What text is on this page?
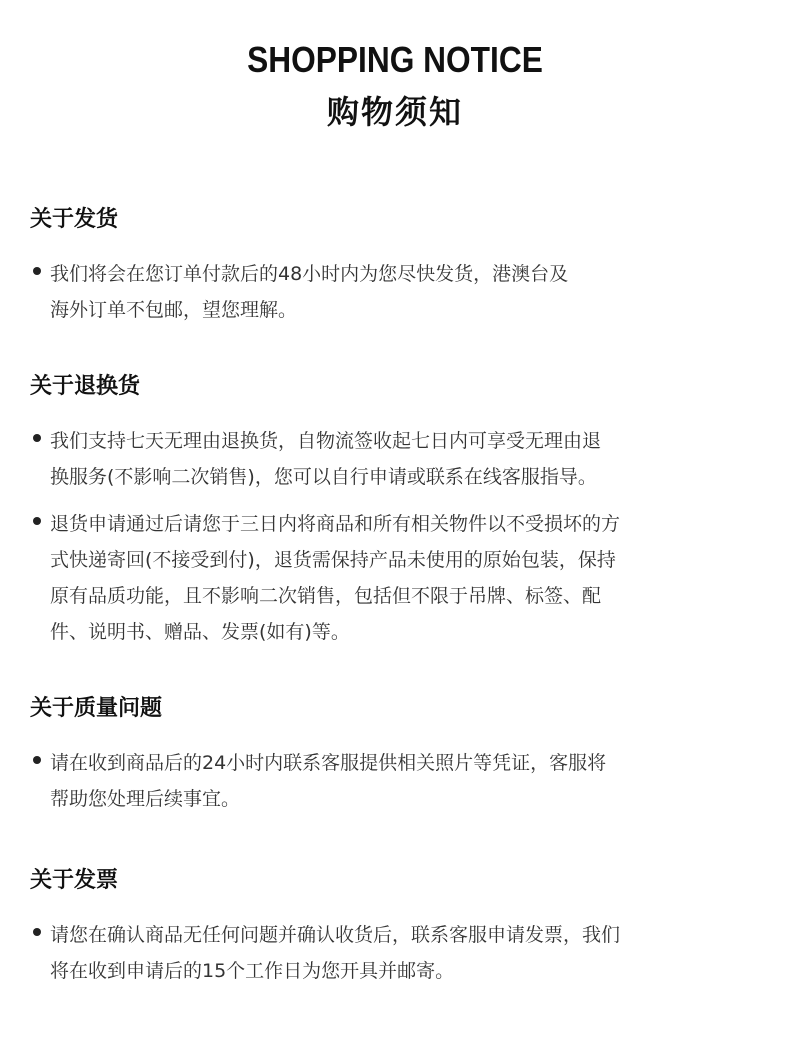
SHOPPING NOTICE
购物须知
关于发货
我们将会在您订单付款后的48小时内为您尽快发货，港澳台及
海外订单不包邮，望您理解。
关于退换货
我们支持七天无理由退换货，自物流签收起七日内可享受无理由退
换服务(不影响二次销售)，您可以自行申请或联系在线客服指导。
退货申请通过后请您于三日内将商品和所有相关物件以不受损坏的方
式快递寄回(不接受到付)，退货需保持产品未使用的原始包装，保持
原有品质功能，且不影响二次销售，包括但不限于吊牌、标签、配
件、说明书、赠品、发票(如有)等。
关于质量问题
请在收到商品后的24小时内联系客服提供相关照片等凭证，客服将
帮助您处理后续事宜。
关于发票
请您在确认商品无任何问题并确认收货后，联系客服申请发票，我们
将在收到申请后的15个工作日为您开具并邮寄。
